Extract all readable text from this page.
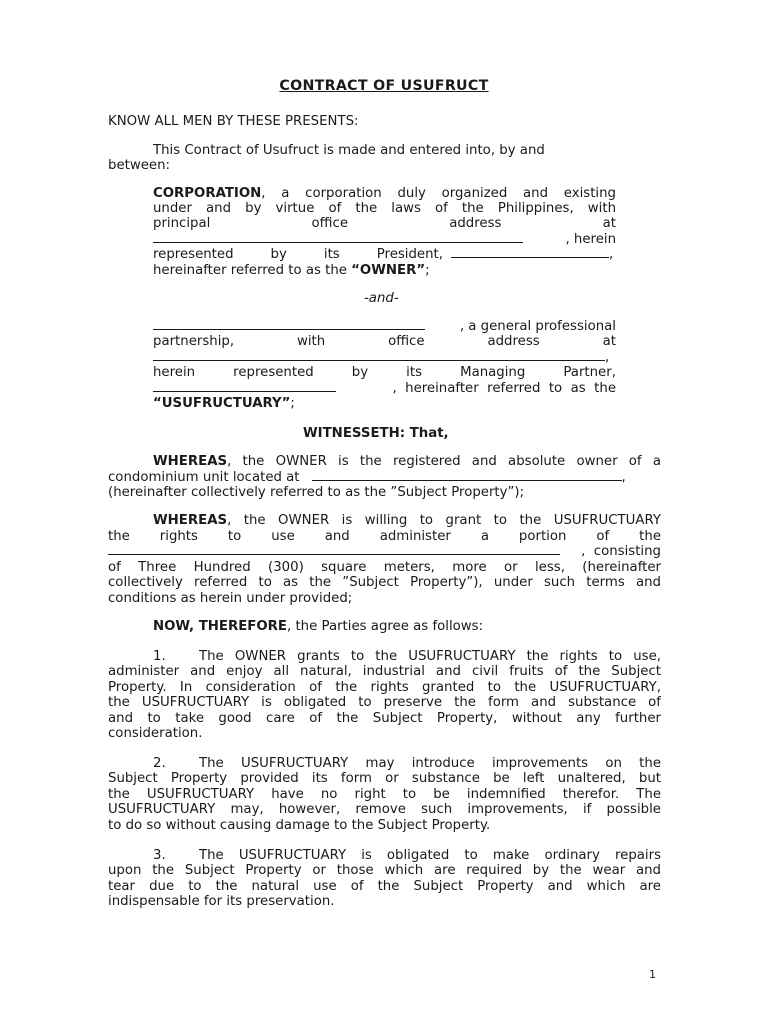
CONTRACT OF USUFRUCT
KNOW ALL MEN BY THESE PRESENTS:
This Contract of Usufruct is made and entered into, by and
between:
CORPORATION, a corporation duly organized and existing
under and by virtue of the laws of the Philippines, with
principal	office	address	at
, herein
represented	by	its	President,	,
hereinafter referred to as the “OWNER”;
-and-
, a general professional
partnership,	with	office	address	at
,
herein	represented	by	its	Managing	Partner,
,  hereinafter  referred  to  as  the
“USUFRUCTUARY”;
WITNESSETH: That,
WHEREAS, the OWNER is the registered and absolute owner of a
condominium unit located at	,
(hereinafter collectively referred to as the ”Subject Property”);
WHEREAS, the OWNER is willing to grant to the USUFRUCTUARY
the rights to use and administer a portion of the
,  consisting
of Three Hundred (300) square meters, more or less, (hereinafter
collectively referred to as the ”Subject Property”), under such terms and
conditions as herein under provided;
NOW, THEREFORE, the Parties agree as follows:
1.	The OWNER grants to the USUFRUCTUARY the rights to use,
administer and enjoy all natural, industrial and civil fruits of the Subject
Property. In consideration of the rights granted to the USUFRUCTUARY,
the USUFRUCTUARY is obligated to preserve the form and substance of
and to take good care of the Subject Property, without any further
consideration.
2.	The USUFRUCTUARY may introduce improvements on the
Subject Property provided its form or substance be left unaltered, but
the USUFRUCTUARY have no right to be indemnified therefor. The
USUFRUCTUARY may, however, remove such improvements, if possible
to do so without causing damage to the Subject Property.
3.	The USUFRUCTUARY is obligated to make ordinary repairs
upon the Subject Property or those which are required by the wear and
tear due to the natural use of the Subject Property and which are
indispensable for its preservation.
1
